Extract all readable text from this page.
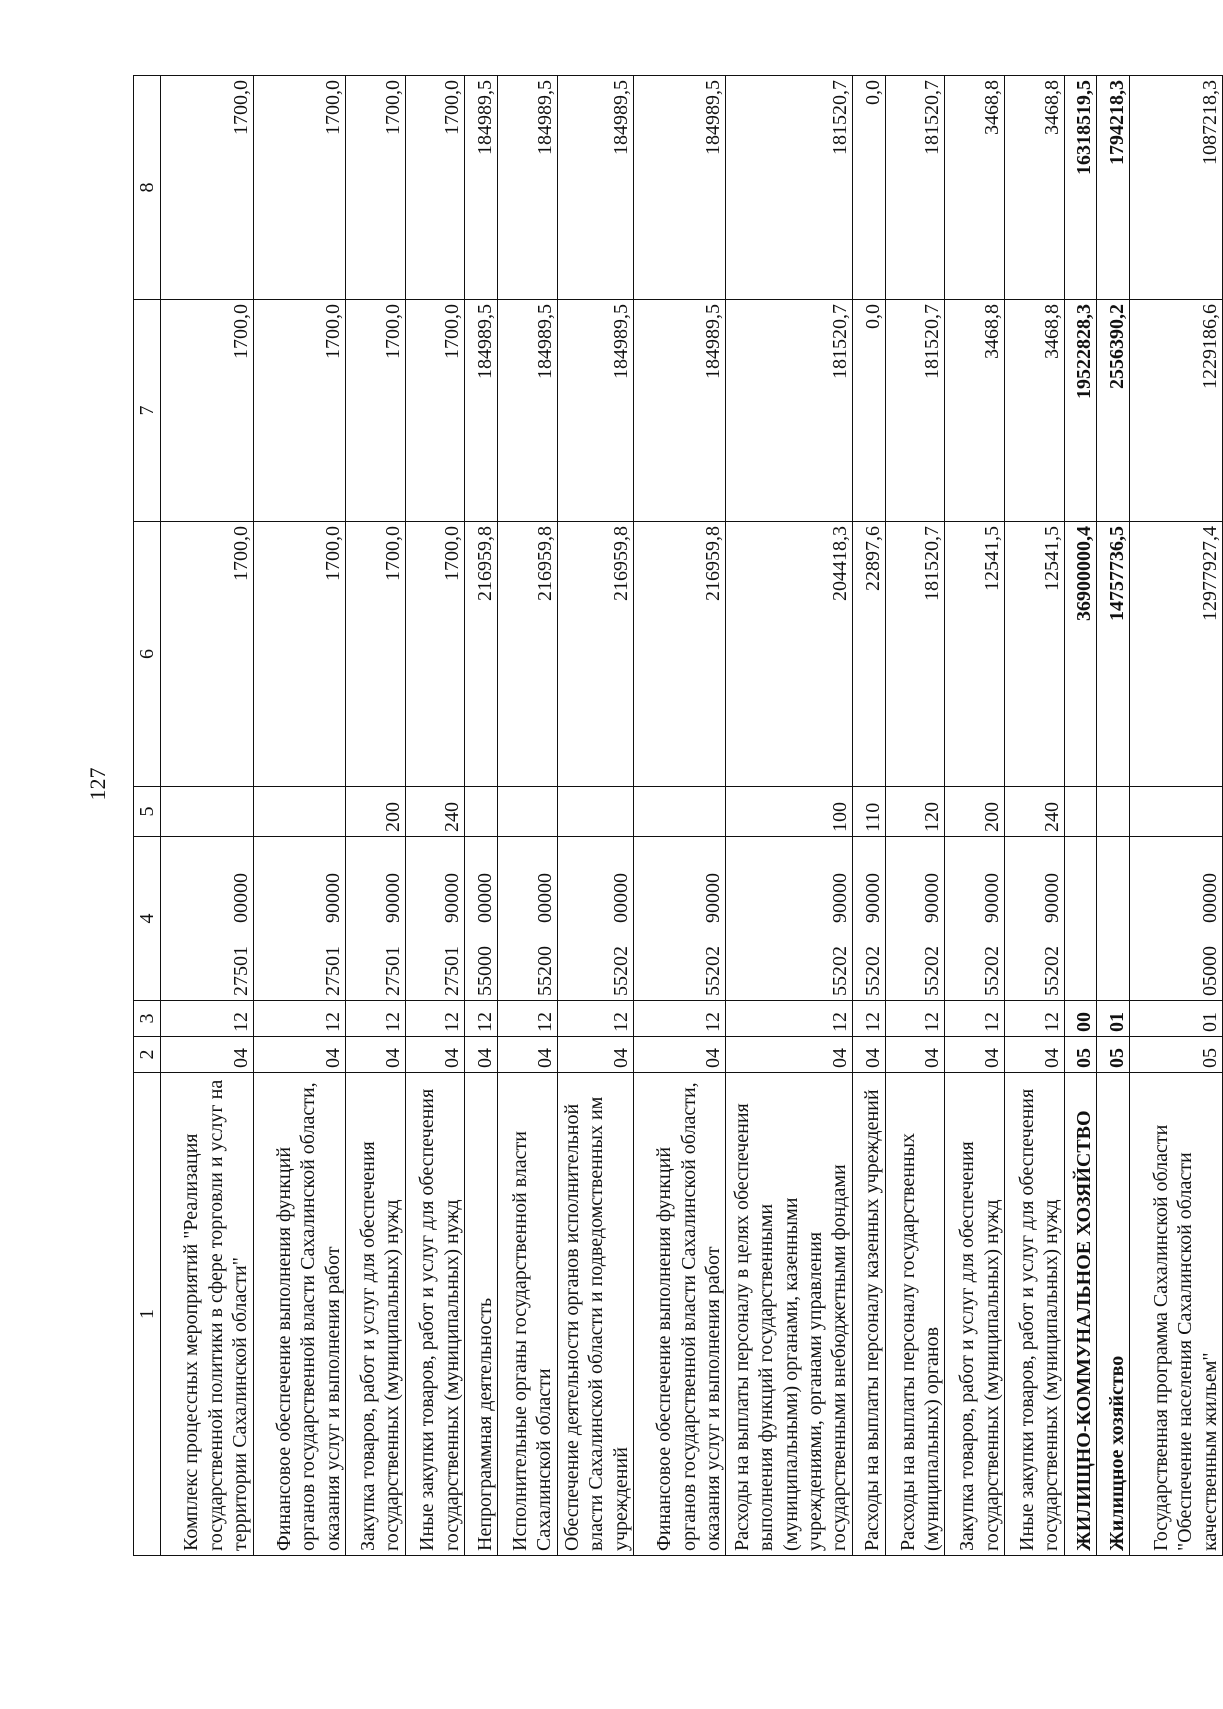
127
1	2	3	4	5	6	7	8
Комплекс процессных мероприятий "Реализация государственной политики в сфере торговли и услуг на территории Сахалинской области"	04	12	27501 00000		1700,0	1700,0	1700,0
Финансовое обеспечение выполнения функций органов государственной власти Сахалинской области, оказания услуг и выполнения работ	04	12	27501 90000		1700,0	1700,0	1700,0
Закупка товаров, работ и услуг для обеспечения государственных (муниципальных) нужд	04	12	27501 90000	200	1700,0	1700,0	1700,0
Иные закупки товаров, работ и услуг для обеспечения государственных (муниципальных) нужд	04	12	27501 90000	240	1700,0	1700,0	1700,0
Непрограммная деятельность	04	12	55000 00000		216959,8	184989,5	184989,5
Исполнительные органы государственной власти Сахалинской области	04	12	55200 00000		216959,8	184989,5	184989,5
Обеспечение деятельности органов исполнительной власти Сахалинской области и подведомственных им учреждений	04	12	55202 00000		216959,8	184989,5	184989,5
Финансовое обеспечение выполнения функций органов государственной власти Сахалинской области, оказания услуг и выполнения работ	04	12	55202 90000		216959,8	184989,5	184989,5
Расходы на выплаты персоналу в целях обеспечения выполнения функций государственными (муниципальными) органами, казенными учреждениями, органами управления государственными внебюджетными фондами	04	12	55202 90000	100	204418,3	181520,7	181520,7
Расходы на выплаты персоналу казенных учреждений	04	12	55202 90000	110	22897,6	0,0	0,0
Расходы на выплаты персоналу государственных (муниципальных) органов	04	12	55202 90000	120	181520,7	181520,7	181520,7
Закупка товаров, работ и услуг для обеспечения государственных (муниципальных) нужд	04	12	55202 90000	200	12541,5	3468,8	3468,8
Иные закупки товаров, работ и услуг для обеспечения государственных (муниципальных) нужд	04	12	55202 90000	240	12541,5	3468,8	3468,8
ЖИЛИЩНО-КОММУНАЛЬНОЕ ХОЗЯЙСТВО	05	00			36900000,4	19522828,3	16318519,5
Жилищное хозяйство	05	01			14757736,5	2556390,2	1794218,3
Государственная программа Сахалинской области "Обеспечение населения Сахалинской области качественным жильем"	05	01	05000 00000		12977927,4	1229186,6	1087218,3
